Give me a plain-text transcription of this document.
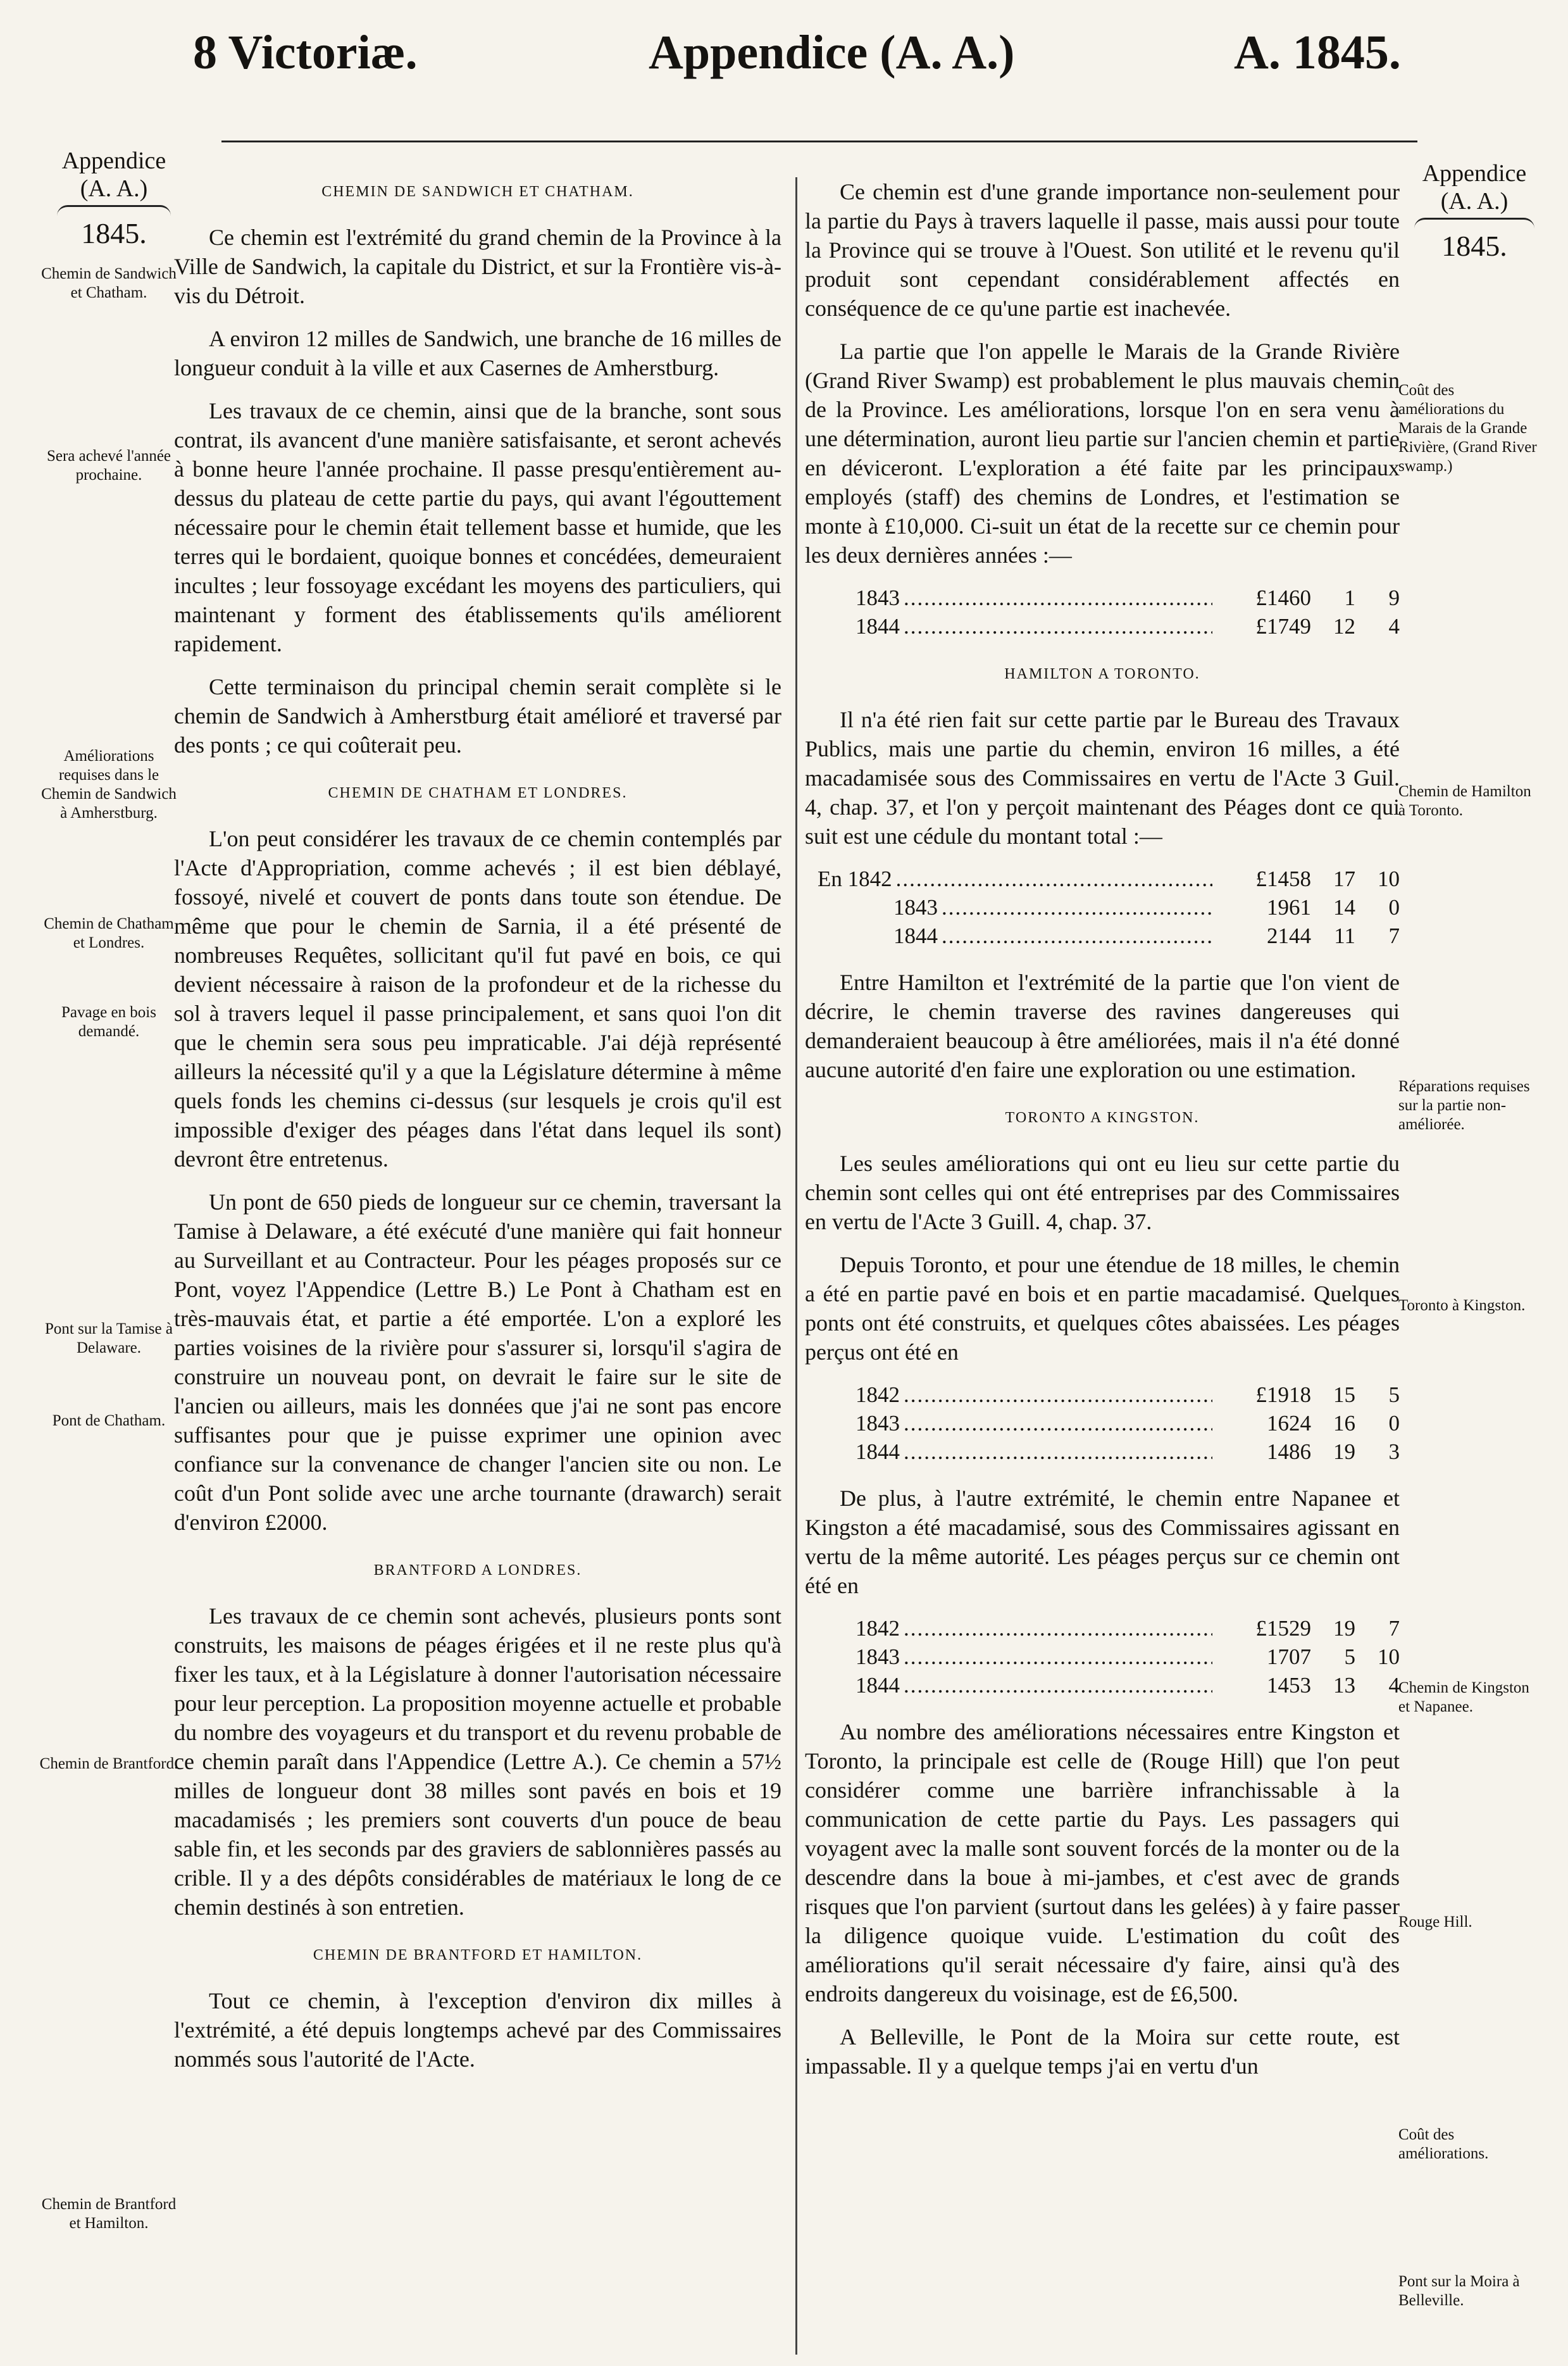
8 Victoriæ.	Appendice (A. A.)	A. 1845.
Appendice
(A. A.)
1845.
Appendice
(A. A.)
1845.
Chemin de Sandwich et Chatham.
Sera achevé l'année prochaine.
Améliorations requises dans le Chemin de Sandwich à Amherstburg.
Chemin de Chatham et Londres.
Pavage en bois demandé.
Pont sur la Tamise à Delaware.
Pont de Chatham.
Chemin de Brantford.
Chemin de Brantford et Hamilton.
Coût des améliorations du Marais de la Grande Rivière, (Grand River swamp.)
Chemin de Hamilton à Toronto.
Réparations requises sur la partie non-améliorée.
Toronto à Kingston.
Chemin de Kingston et Napanee.
Rouge Hill.
Coût des améliorations.
Pont sur la Moira à Belleville.
CHEMIN DE SANDWICH ET CHATHAM.

Ce chemin est l'extrémité du grand chemin de la Province à la Ville de Sandwich, la capitale du District, et sur la Frontière vis-à-vis du Détroit.

A environ 12 milles de Sandwich, une branche de 16 milles de longueur conduit à la ville et aux Casernes de Amherstburg.

Les travaux de ce chemin, ainsi que de la branche, sont sous contrat, ils avancent d'une manière satisfaisante, et seront achevés à bonne heure l'année prochaine. Il passe presqu'entièrement au-dessus du plateau de cette partie du pays, qui avant l'égouttement nécessaire pour le chemin était tellement basse et humide, que les terres qui le bordaient, quoique bonnes et concédées, demeuraient incultes ; leur fossoyage excédant les moyens des particuliers, qui maintenant y forment des établissements qu'ils améliorent rapidement.

Cette terminaison du principal chemin serait complète si le chemin de Sandwich à Amherstburg était amélioré et traversé par des ponts ; ce qui coûterait peu.

CHEMIN DE CHATHAM ET LONDRES.

L'on peut considérer les travaux de ce chemin contemplés par l'Acte d'Appropriation, comme achevés ; il est bien déblayé, fossoyé, nivelé et couvert de ponts dans toute son étendue. De même que pour le chemin de Sarnia, il a été présenté de nombreuses Requêtes, sollicitant qu'il fut pavé en bois, ce qui devient nécessaire à raison de la profondeur et de la richesse du sol à travers lequel il passe principalement, et sans quoi l'on dit que le chemin sera sous peu impraticable. J'ai déjà représenté ailleurs la nécessité qu'il y a que la Législature détermine à même quels fonds les chemins ci-dessus (sur lesquels je crois qu'il est impossible d'exiger des péages dans l'état dans lequel ils sont) devront être entretenus.

Un pont de 650 pieds de longueur sur ce chemin, traversant la Tamise à Delaware, a été exécuté d'une manière qui fait honneur au Surveillant et au Contracteur. Pour les péages proposés sur ce Pont, voyez l'Appendice (Lettre B.) Le Pont à Chatham est en très-mauvais état, et partie a été emportée. L'on a exploré les parties voisines de la rivière pour s'assurer si, lorsqu'il s'agira de construire un nouveau pont, on devrait le faire sur le site de l'ancien ou ailleurs, mais les données que j'ai ne sont pas encore suffisantes pour que je puisse exprimer une opinion avec confiance sur la convenance de changer l'ancien site ou non. Le coût d'un Pont solide avec une arche tournante (drawarch) serait d'environ £2000.

BRANTFORD A LONDRES.

Les travaux de ce chemin sont achevés, plusieurs ponts sont construits, les maisons de péages érigées et il ne reste plus qu'à fixer les taux, et à la Législature à donner l'autorisation nécessaire pour leur perception. La proposition moyenne actuelle et probable du nombre des voyageurs et du transport et du revenu probable de ce chemin paraît dans l'Appendice (Lettre A.). Ce chemin a 57½ milles de longueur dont 38 milles sont pavés en bois et 19 macadamisés ; les premiers sont couverts d'un pouce de beau sable fin, et les seconds par des graviers de sablonnières passés au crible. Il y a des dépôts considérables de matériaux le long de ce chemin destinés à son entretien.

CHEMIN DE BRANTFORD ET HAMILTON.

Tout ce chemin, à l'exception d'environ dix milles à l'extrémité, a été depuis longtemps achevé par des Commissaires nommés sous l'autorité de l'Acte.

Ce chemin est d'une grande importance non-seulement pour la partie du Pays à travers laquelle il passe, mais aussi pour toute la Province qui se trouve à l'Ouest. Son utilité et le revenu qu'il produit sont cependant considérablement affectés en conséquence de ce qu'une partie est inachevée.

La partie que l'on appelle le Marais de la Grande Rivière (Grand River Swamp) est probablement le plus mauvais chemin de la Province. Les améliorations, lorsque l'on en sera venu à une détermination, auront lieu partie sur l'ancien chemin et partie en déviceront. L'exploration a été faite par les principaux employés (staff) des chemins de Londres, et l'estimation se monte à £10,000. Ci-suit un état de la recette sur ce chemin pour les deux dernières années :—

1843 .....	£1460	1	9
1844 .....	£1749	12	4
HAMILTON A TORONTO.

Il n'a été rien fait sur cette partie par le Bureau des Travaux Publics, mais une partie du chemin, environ 16 milles, a été macadamisée sous des Commissaires en vertu de l'Acte 3 Guil. 4, chap. 37, et l'on y perçoit maintenant des Péages dont ce qui suit est une cédule du montant total :—

En 1842 .....	£1458	17	10
1843 .....	1961	14	0
1844 .....	2144	11	7

Entre Hamilton et l'extrémité de la partie que l'on vient de décrire, le chemin traverse des ravines dangereuses qui demanderaient beaucoup à être améliorées, mais il n'a été donné aucune autorité d'en faire une exploration ou une estimation.

TORONTO A KINGSTON.

Les seules améliorations qui ont eu lieu sur cette partie du chemin sont celles qui ont été entreprises par des Commissaires en vertu de l'Acte 3 Guill. 4, chap. 37.

Depuis Toronto, et pour une étendue de 18 milles, le chemin a été en partie pavé en bois et en partie macadamisé. Quelques ponts ont été construits, et quelques côtes abaissées. Les péages perçus ont été en

1842 .....	£1918	15	5
1843 .....	1624	16	0
1844 .....	1486	19	3

De plus, à l'autre extrémité, le chemin entre Napanee et Kingston a été macadamisé, sous des Commissaires agissant en vertu de la même autorité. Les péages perçus sur ce chemin ont été en

1842 .....	£1529	19	7
1843 .....	1707	5	10
1844 .....	1453	13	4

Au nombre des améliorations nécessaires entre Kingston et Toronto, la principale est celle de (Rouge Hill) que l'on peut considérer comme une barrière infranchissable à la communication de cette partie du Pays. Les passagers qui voyagent avec la malle sont souvent forcés de la monter ou de la descendre dans la boue à mi-jambes, et c'est avec de grands risques que l'on parvient (surtout dans les gelées) à y faire passer la diligence quoique vuide. L'estimation du coût des améliorations qu'il serait nécessaire d'y faire, ainsi qu'à des endroits dangereux du voisinage, est de £6,500.

A Belleville, le Pont de la Moira sur cette route, est impassable. Il y a quelque temps j'ai en vertu d'un
